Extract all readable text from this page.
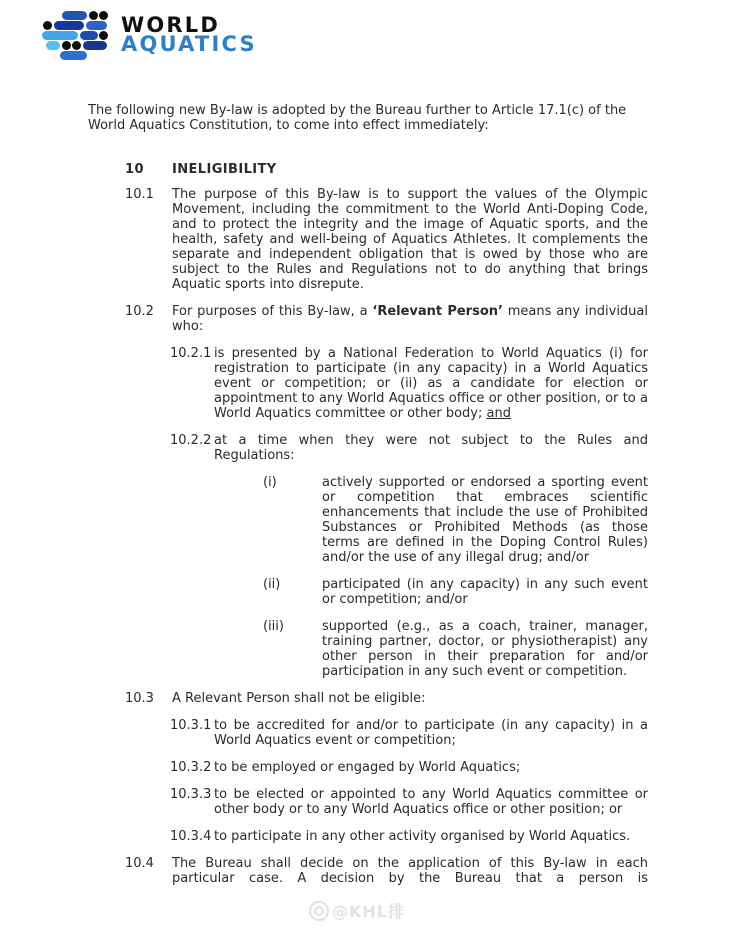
WORLD
AQUATICS

The following new By-law is adopted by the Bureau further to Article 17.1(c) of the World Aquatics Constitution, to come into effect immediately:

10	INELIGIBILITY

10.1	The purpose of this By-law is to support the values of the Olympic Movement, including the commitment to the World Anti-Doping Code, and to protect the integrity and the image of Aquatic sports, and the health, safety and well-being of Aquatics Athletes. It complements the separate and independent obligation that is owed by those who are subject to the Rules and Regulations not to do anything that brings Aquatic sports into disrepute.

10.2	For purposes of this By-law, a ‘Relevant Person’ means any individual who:

10.2.1 is presented by a National Federation to World Aquatics (i) for registration to participate (in any capacity) in a World Aquatics event or competition; or (ii) as a candidate for election or appointment to any World Aquatics office or other position, or to a World Aquatics committee or other body; and

10.2.2 at a time when they were not subject to the Rules and Regulations:

(i)	actively supported or endorsed a sporting event or competition that embraces scientific enhancements that include the use of Prohibited Substances or Prohibited Methods (as those terms are defined in the Doping Control Rules) and/or the use of any illegal drug; and/or

(ii)	participated (in any capacity) in any such event or competition; and/or

(iii)	supported (e.g., as a coach, trainer, manager, training partner, doctor, or physiotherapist) any other person in their preparation for and/or participation in any such event or competition.

10.3	A Relevant Person shall not be eligible:

10.3.1 to be accredited for and/or to participate (in any capacity) in a World Aquatics event or competition;

10.3.2 to be employed or engaged by World Aquatics;

10.3.3 to be elected or appointed to any World Aquatics committee or other body or to any World Aquatics office or other position; or

10.3.4 to participate in any other activity organised by World Aquatics.

10.4	The Bureau shall decide on the application of this By-law in each particular case. A decision by the Bureau that a person is

@KHL排
